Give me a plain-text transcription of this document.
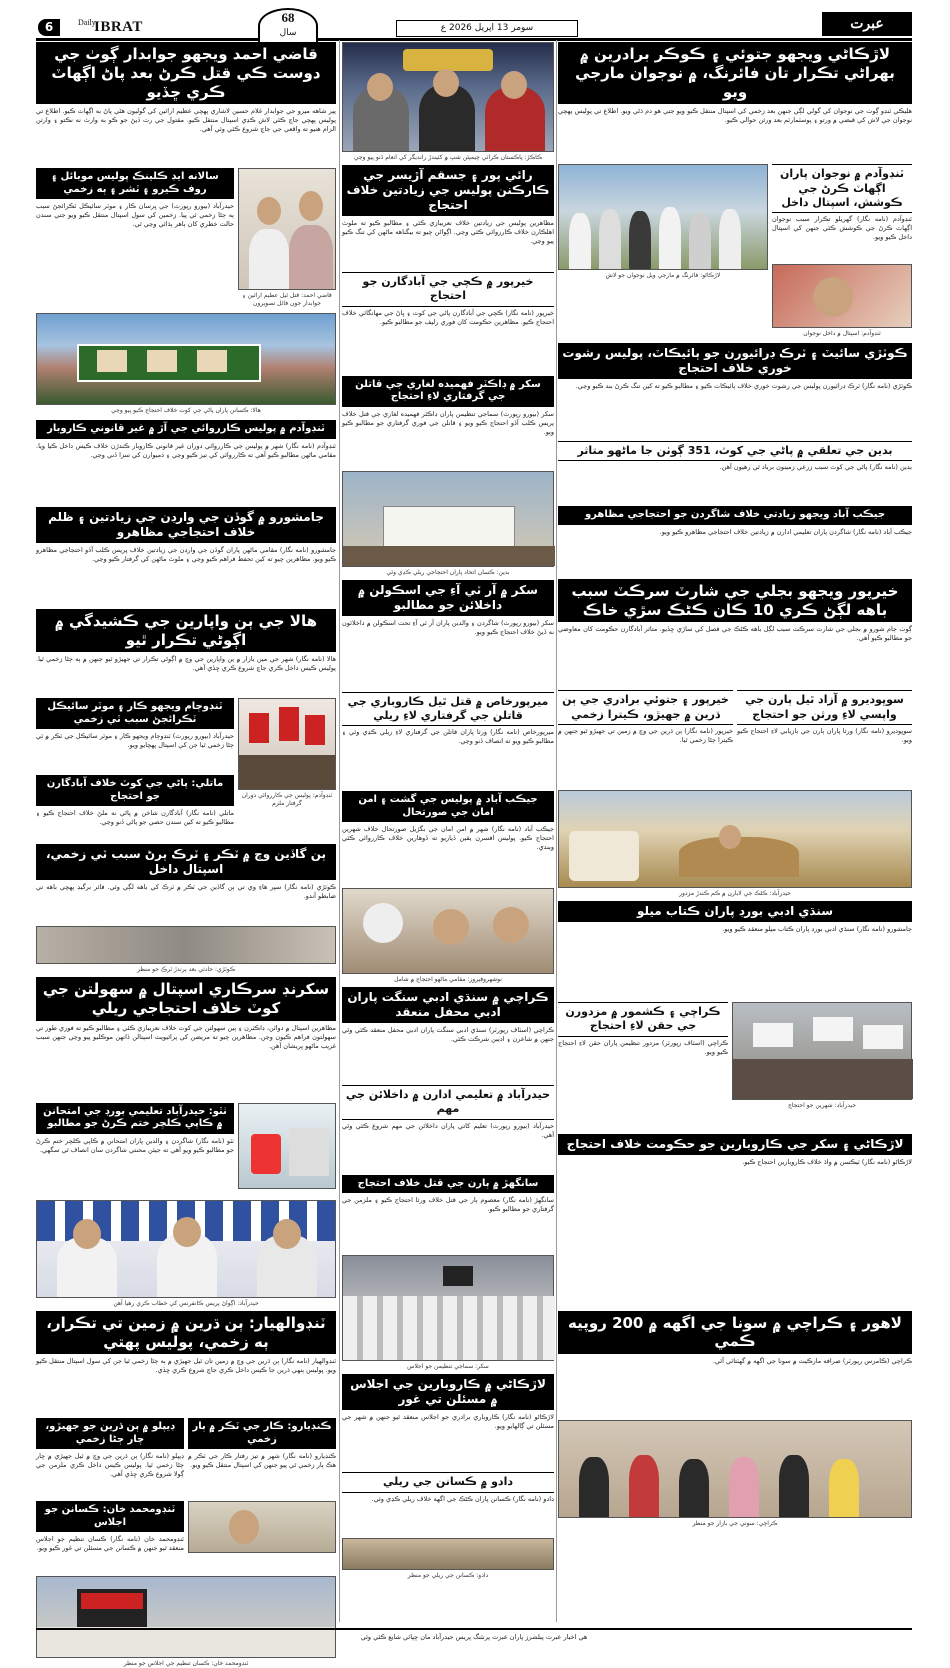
6	Daily
IBRAT
68
سال	سومر 13 اپريل 2026 ع	عبرت
قاضي احمد ويجهو جوابدار ڳوٺ جي دوست ڪي قتل ڪرڻ بعد پاڻ اڳھاٽ ڪري ڇڏيو
پير شاهه ميرو جي جوابدار غلام حسين لاشاري پهچي عظيم ارائين کي گوليون هڻي پاڻ به اڳهاٽ ڪيو. اطلاع تي پوليس پهچي جاچ ڪئي لاش ڪڍي اسپتال منتقل ڪيو. مقتول جي رت ڏيڻ جو ڪو به وارث نه نڪتو ۽ وارثن الزام هنيو ته واقعي جي جاچ شروع ڪئي وئي آهي.
سالانه ايڊ ڪلينڪ پوليس موبائل ۽ روف ڪيرو ۽ ٽشر ۽ ٻه زخمي
حيدرآباد (بيورو رپورٽ) جي ڀرسان ڪار ۽ موٽر سائيڪل ٽڪرائجڻ سبب ٻه ڄڻا زخمي ٿي پيا. زخمين کي سول اسپتال منتقل ڪيو ويو جتي سندن حالت خطري کان ٻاهر ٻڌائي وڃي ٿي.
قاضي احمد: قتل ٿيل عظيم ارائين ۽ جوابدار جون فائل تصويرون
هالا: ڪسانن پاران پاڻي جي کوٽ خلاف احتجاج ڪيو پيو وڃي
ٽنڊوآدم ۾ پوليس ڪارروائي جي آڙ ۾ غير قانوني ڪاروبار
ٽنڊوآدم (نامه نگار) شهر ۾ پوليس جي ڪارروائي دوران غير قانوني ڪاروبار ڪندڙن خلاف ڪيس داخل ڪيا ويا. مقامي ماڻهن مطالبو ڪيو آهي ته ڪارروائي کي تيز ڪيو وڃي ۽ ذميوارن کي سزا ڏني وڃي.
جامشورو ۾ گوڏن جي وارڊن جي زيادتين ۽ ظلم خلاف احتجاجي مظاهرو
جامشورو (نامه نگار) مقامي ماڻهن پاران گوڏن جي وارڊن جي زيادتين خلاف پريس ڪلب آڏو احتجاجي مظاهرو ڪيو ويو. مظاهرين چيو ته کين تحفظ فراهم ڪيو وڃي ۽ ملوث ماڻهن کي گرفتار ڪيو وڃي.
هالا جي ٻن واپارين جي ڪشيدگي ۾ اڳوڻي تڪرار ٿيو
هالا (نامه نگار) شهر جي مين بازار ۾ ٻن واپارين جي وچ ۾ اڳوڻي تڪرار تي جهيڙو ٿيو جنهن ۾ ٻه ڄڻا زخمي ٿيا. پوليس ڪيس داخل ڪري جاچ شروع ڪري ڇڏي آهي.
ٽنڊوڄام ويجهو ڪار ۽ موٽر سائيڪل ٽڪرائجڻ سبب ٽي زخمي
حيدرآباد (بيورو رپورٽ) ٽنڊوڄام ويجهو ڪار ۽ موٽر سائيڪل جي ٽڪر ۾ ٽي ڄڻا زخمي ٿيا جن کي اسپتال پهچايو ويو.
ماتلي: پاڻي جي کوٽ خلاف آبادگارن جو احتجاج
ماتلي (نامه نگار) آبادگارن شاخن ۾ پاڻي نه ملڻ خلاف احتجاج ڪيو ۽ مطالبو ڪيو ته کين سندن حصي جو پاڻي ڏنو وڃي.
ٽنڊوآدم: پوليس جي ڪارروائي دوران گرفتار ملزم
ٻن گاڏين وچ ۾ ٽڪر ۽ ٽرڪ ٻرڻ سبب ٽي زخمي، اسپتال داخل
ڪوٽڙي (نامه نگار) سپر هاءِ وي تي ٻن گاڏين جي ٽڪر ۾ ٽرڪ کي باهه لڳي وئي. فائر برگيڊ پهچي باهه تي ضابطو آندو.
ڪوٽڙي: حادثي بعد ٻرندڙ ٽرڪ جو منظر
سکرنڊ سرڪاري اسپتال ۾ سهولتن جي کوٽ خلاف احتجاجي ريلي
مظاهرين اسپتال ۾ دوائن، ڊاڪٽرن ۽ ٻين سهولتن جي کوٽ خلاف نعريبازي ڪئي ۽ مطالبو ڪيو ته فوري طور تي سهولتون فراهم ڪيون وڃن. مظاهرين چيو ته مريضن کي پرائيويٽ اسپتالن ڏانهن موڪليو پيو وڃي جنهن سبب غريب ماڻهو پريشان آهن.
ٺٽو: حيدرآباد تعليمي بورڊ جي امتحانن ۾ ڪاپي ڪلچر ختم ڪرڻ جو مطالبو
ٺٽو (نامه نگار) شاگردن ۽ والدين پاران امتحانن ۾ ڪاپي ڪلچر ختم ڪرڻ جو مطالبو ڪيو ويو آهي ته جيئن محنتي شاگردن سان انصاف ٿي سگهي.
حيدرآباد: اڳواڻ پريس ڪانفرنس کي خطاب ڪري رهيا آهن
ٽنڊوالهيار: ٻن ڌرين ۾ زمين تي تڪرار، ٻه زخمي، پوليس پهتي
ٽنڊوالهيار (نامه نگار) ٻن ڌرين جي وچ ۾ زمين تان ٿيل جهيڙي ۾ ٻه ڄڻا زخمي ٿيا جن کي سول اسپتال منتقل ڪيو ويو. پوليس ٻنهي ڌرين جا ڪيس داخل ڪري جاچ شروع ڪري ڇڏي.
ڊيپلو ۾ ٻن ڌرين جو جهيڙو، چار ڄڻا زخمي
ڊيپلو (نامه نگار) ٻن ڌرين جي وچ ۾ ٿيل جهيڙي ۾ چار ڄڻا زخمي ٿيا. پوليس ڪيس داخل ڪري ملزمن جي ڳولا شروع ڪري ڇڏي آهي.
ٽنڊومحمد خان: ڪسانن جو اجلاس
ٽنڊومحمد خان (نامه نگار) ڪسان تنظيم جو اجلاس منعقد ٿيو جنهن ۾ ڪسانن جي مسئلن تي غور ڪيو ويو.
ڪنڊيارو: ڪار جي ٽڪر ۾ ٻار زخمي
ڪنڊيارو (نامه نگار) شهر ۾ تيز رفتار ڪار جي ٽڪر ۾ هڪ ٻار زخمي ٿي پيو جنهن کي اسپتال منتقل ڪيو ويو.
ٽنڊومحمد خان: ڪسان تنظيم جي اجلاس جو منظر
ڪاڪڙ: پاڪستان ڪراٽي چيمپئن شپ ۾ کٽيندڙ رانديگر کي انعام ڏنو پيو وڃي
رائي پور ۽ جسقم آڙيسر جي ڪارڪنن پوليس جي زيادتين خلاف احتجاج
مظاهرين پوليس جي زيادتين خلاف نعريبازي ڪئي ۽ مطالبو ڪيو ته ملوث اهلڪارن خلاف ڪارروائي ڪئي وڃي. اڳواڻن چيو ته بيگناهه ماڻهن کي تنگ ڪيو پيو وڃي.
خيرپور ۾ ڪچي جي آبادگارن جو احتجاج
خيرپور (نامه نگار) ڪچي جي آبادگارن پاڻي جي کوٽ ۽ ڀاڻ جي مهانگائي خلاف احتجاج ڪيو. مظاهرين حڪومت کان فوري رليف جو مطالبو ڪيو.
سکر ۾ ڊاڪٽر فهميده لغاري جي قاتلن جي گرفتاري لاءِ احتجاج
سکر (بيورو رپورٽ) سماجي تنظيمن پاران ڊاڪٽر فهميده لغاري جي قتل خلاف پريس ڪلب آڏو احتجاج ڪيو ويو ۽ قاتلن جي فوري گرفتاري جو مطالبو ڪيو ويو.
بدين: ڪسان اتحاد پاران احتجاجي ريلي ڪڍي وئي
سکر ۾ آر ٽي آءِ جي اسڪولن ۾ داخلائن جو مطالبو
سکر (بيورو رپورٽ) شاگردن ۽ والدين پاران آر ٽي آءِ تحت اسڪولن ۾ داخلائون نه ڏيڻ خلاف احتجاج ڪيو ويو.
ميرپورخاص ۾ قتل ٿيل ڪاروباري جي قاتلن جي گرفتاري لاءِ ريلي
ميرپورخاص (نامه نگار) ورثا پاران قاتلن جي گرفتاري لاءِ ريلي ڪڍي وئي ۽ مطالبو ڪيو ويو ته انصاف ڏنو وڃي.
جيڪب آباد ۾ پوليس جي گشت ۽ امن امان جي صورتحال
جيڪب آباد (نامه نگار) شهر ۾ امن امان جي بگڙيل صورتحال خلاف شهرين احتجاج ڪيو. پوليس افسرن يقين ڏياريو ته ڏوهارين خلاف ڪارروائي ڪئي ويندي.
نوشهروفيروز: مقامي ماڻهو احتجاج ۾ شامل
ڪراچي ۾ سنڌي ادبي سنگت پاران ادبي محفل منعقد
ڪراچي (اسٽاف رپورٽر) سنڌي ادبي سنگت پاران ادبي محفل منعقد ڪئي وئي جنهن ۾ شاعرن ۽ اديبن شرڪت ڪئي.
حيدرآباد ۾ تعليمي ادارن ۾ داخلائن جي مهم
حيدرآباد (بيورو رپورٽ) تعليم کاتي پاران داخلائن جي مهم شروع ڪئي وئي آهي.
سانگهڙ ۾ ٻارن جي قتل خلاف احتجاج
سانگهڙ (نامه نگار) معصوم ٻار جي قتل خلاف ورثا احتجاج ڪيو ۽ ملزمن جي گرفتاري جو مطالبو ڪيو.
سکر: سماجي تنظيمن جو اجلاس
لاڙڪاڻي ۾ ڪاروبارين جي اجلاس ۾ مسئلن تي غور
لاڙڪاڻو (نامه نگار) ڪاروباري برادري جو اجلاس منعقد ٿيو جنهن ۾ شهر جي مسئلن تي ڳالهايو ويو.
دادو ۾ ڪسانن جي ريلي
دادو (نامه نگار) ڪسانن پاران ڪڻڪ جي اگهه خلاف ريلي ڪڍي وئي.
دادو: ڪسانن جي ريلي جو منظر
لاڙڪاڻي ويجهو جتوئي ۽ ڪوڪر برادرين ۾ بهراڻي تڪرار تان فائرنگ، ۾ نوجوان مارجي ويو
هليڪي ٽنڊو ڳوٺ جي نوجوان کي گولي لڳي جنهن بعد زخمي کي اسپتال منتقل ڪيو ويو جتي هو دم ڌڻي ويو. اطلاع تي پوليس پهچي نوجوان جي لاش کي قبضي ۾ ورتو ۽ پوسٽمارٽم بعد ورثن حوالي ڪيو.
لاڙڪاڻو: فائرنگ ۾ مارجي ويل نوجوان جو لاش
ٽنڊوآدم ۾ نوجوان پاران اڳهاٽ ڪرڻ جي ڪوشش، اسپتال داخل
ٽنڊوآدم (نامه نگار) گهريلو تڪرار سبب نوجوان اڳهاٽ ڪرڻ جي ڪوشش ڪئي جنهن کي اسپتال داخل ڪيو ويو.
ٽنڊوآدم: اسپتال ۾ داخل نوجوان
ڪوٽڙي سائيٽ ۽ ٽرڪ ڊرائيورن جو ٻائيڪاٽ، پوليس رشوت خوري خلاف احتجاج
ڪوٽڙي (نامه نگار) ٽرڪ ڊرائيورن پوليس جي رشوت خوري خلاف ٻائيڪاٽ ڪيو ۽ مطالبو ڪيو ته کين تنگ ڪرڻ بند ڪيو وڃي.
بدين جي تعلقي ۾ پاڻي جي کوٽ، 351 ڳوٺن جا ماڻهو متاثر
بدين (نامه نگار) پاڻي جي کوٽ سبب زرعي زمينون برباد ٿي رهيون آهن.
جيڪب آباد ويجهو زيادتي خلاف شاگردن جو احتجاجي مظاهرو
جيڪب آباد (نامه نگار) شاگردن پاران تعليمي ادارن ۾ زيادتين خلاف احتجاجي مظاهرو ڪيو ويو.
خيرپور ويجهو بجلي جي شارٽ سرڪٽ سبب باهه لڳڻ ڪري 10 ڪان ڪڻڪ سڙي خاڪ
ڳوٺ ڄام شورو ۾ بجلي جي شارٽ سرڪٽ سبب لڳل باهه ڪڻڪ جي فصل کي ساڙي ڇڏيو. متاثر آبادگارن حڪومت کان معاوضي جو مطالبو ڪيو آهي.
خيرپور ۽ جتوئي برادري جي ٻن ڌرين ۾ جهيڙو، ڪيترا زخمي
خيرپور (نامه نگار) ٻن ڌرين جي وچ ۾ زمين تي جهيڙو ٿيو جنهن ۾ ڪيترا ڄڻا زخمي ٿيا.
سوڀوديرو ۾ آزاد ٿيل ٻارن جي واپسي لاءِ ورثن جو احتجاج
سوڀوديرو (نامه نگار) ورثا پاران ٻارن جي بازيابي لاءِ احتجاج ڪيو ويو.
حيدرآباد: ڪڻڪ جي لابارن ۾ ڪم ڪندڙ مزدور
سنڌي ادبي بورڊ پاران ڪتاب ميلو
ڄامشورو (نامه نگار) سنڌي ادبي بورڊ پاران ڪتاب ميلو منعقد ڪيو ويو.
ڪراچي ۽ ڪشمور ۾ مزدورن جي حقن لاءِ احتجاج
ڪراچي (اسٽاف رپورٽر) مزدور تنظيمن پاران حقن لاءِ احتجاج ڪيو ويو.
حيدرآباد: شهرين جو احتجاج
لاڙڪاڻي ۽ سکر جي ڪاروبارين جو حڪومت خلاف احتجاج
لاڙڪاڻو (نامه نگار) ٽيڪسن ۾ واڌ خلاف ڪاروبارين احتجاج ڪيو.
لاهور ۽ ڪراچي ۾ سونا جي اگهه ۾ 200 روپيه ڪمي
ڪراچي (ڪامرس رپورٽر) صرافه مارڪيٽ ۾ سونا جي اگهه ۾ گهٽتائي آئي.
ڪراچي: سوني جي بازار جو منظر
هي اخبار عبرت پبلشرز پاران عبرت پرنٽنگ پريس حيدرآباد مان ڇپائي شايع ڪئي وئي
